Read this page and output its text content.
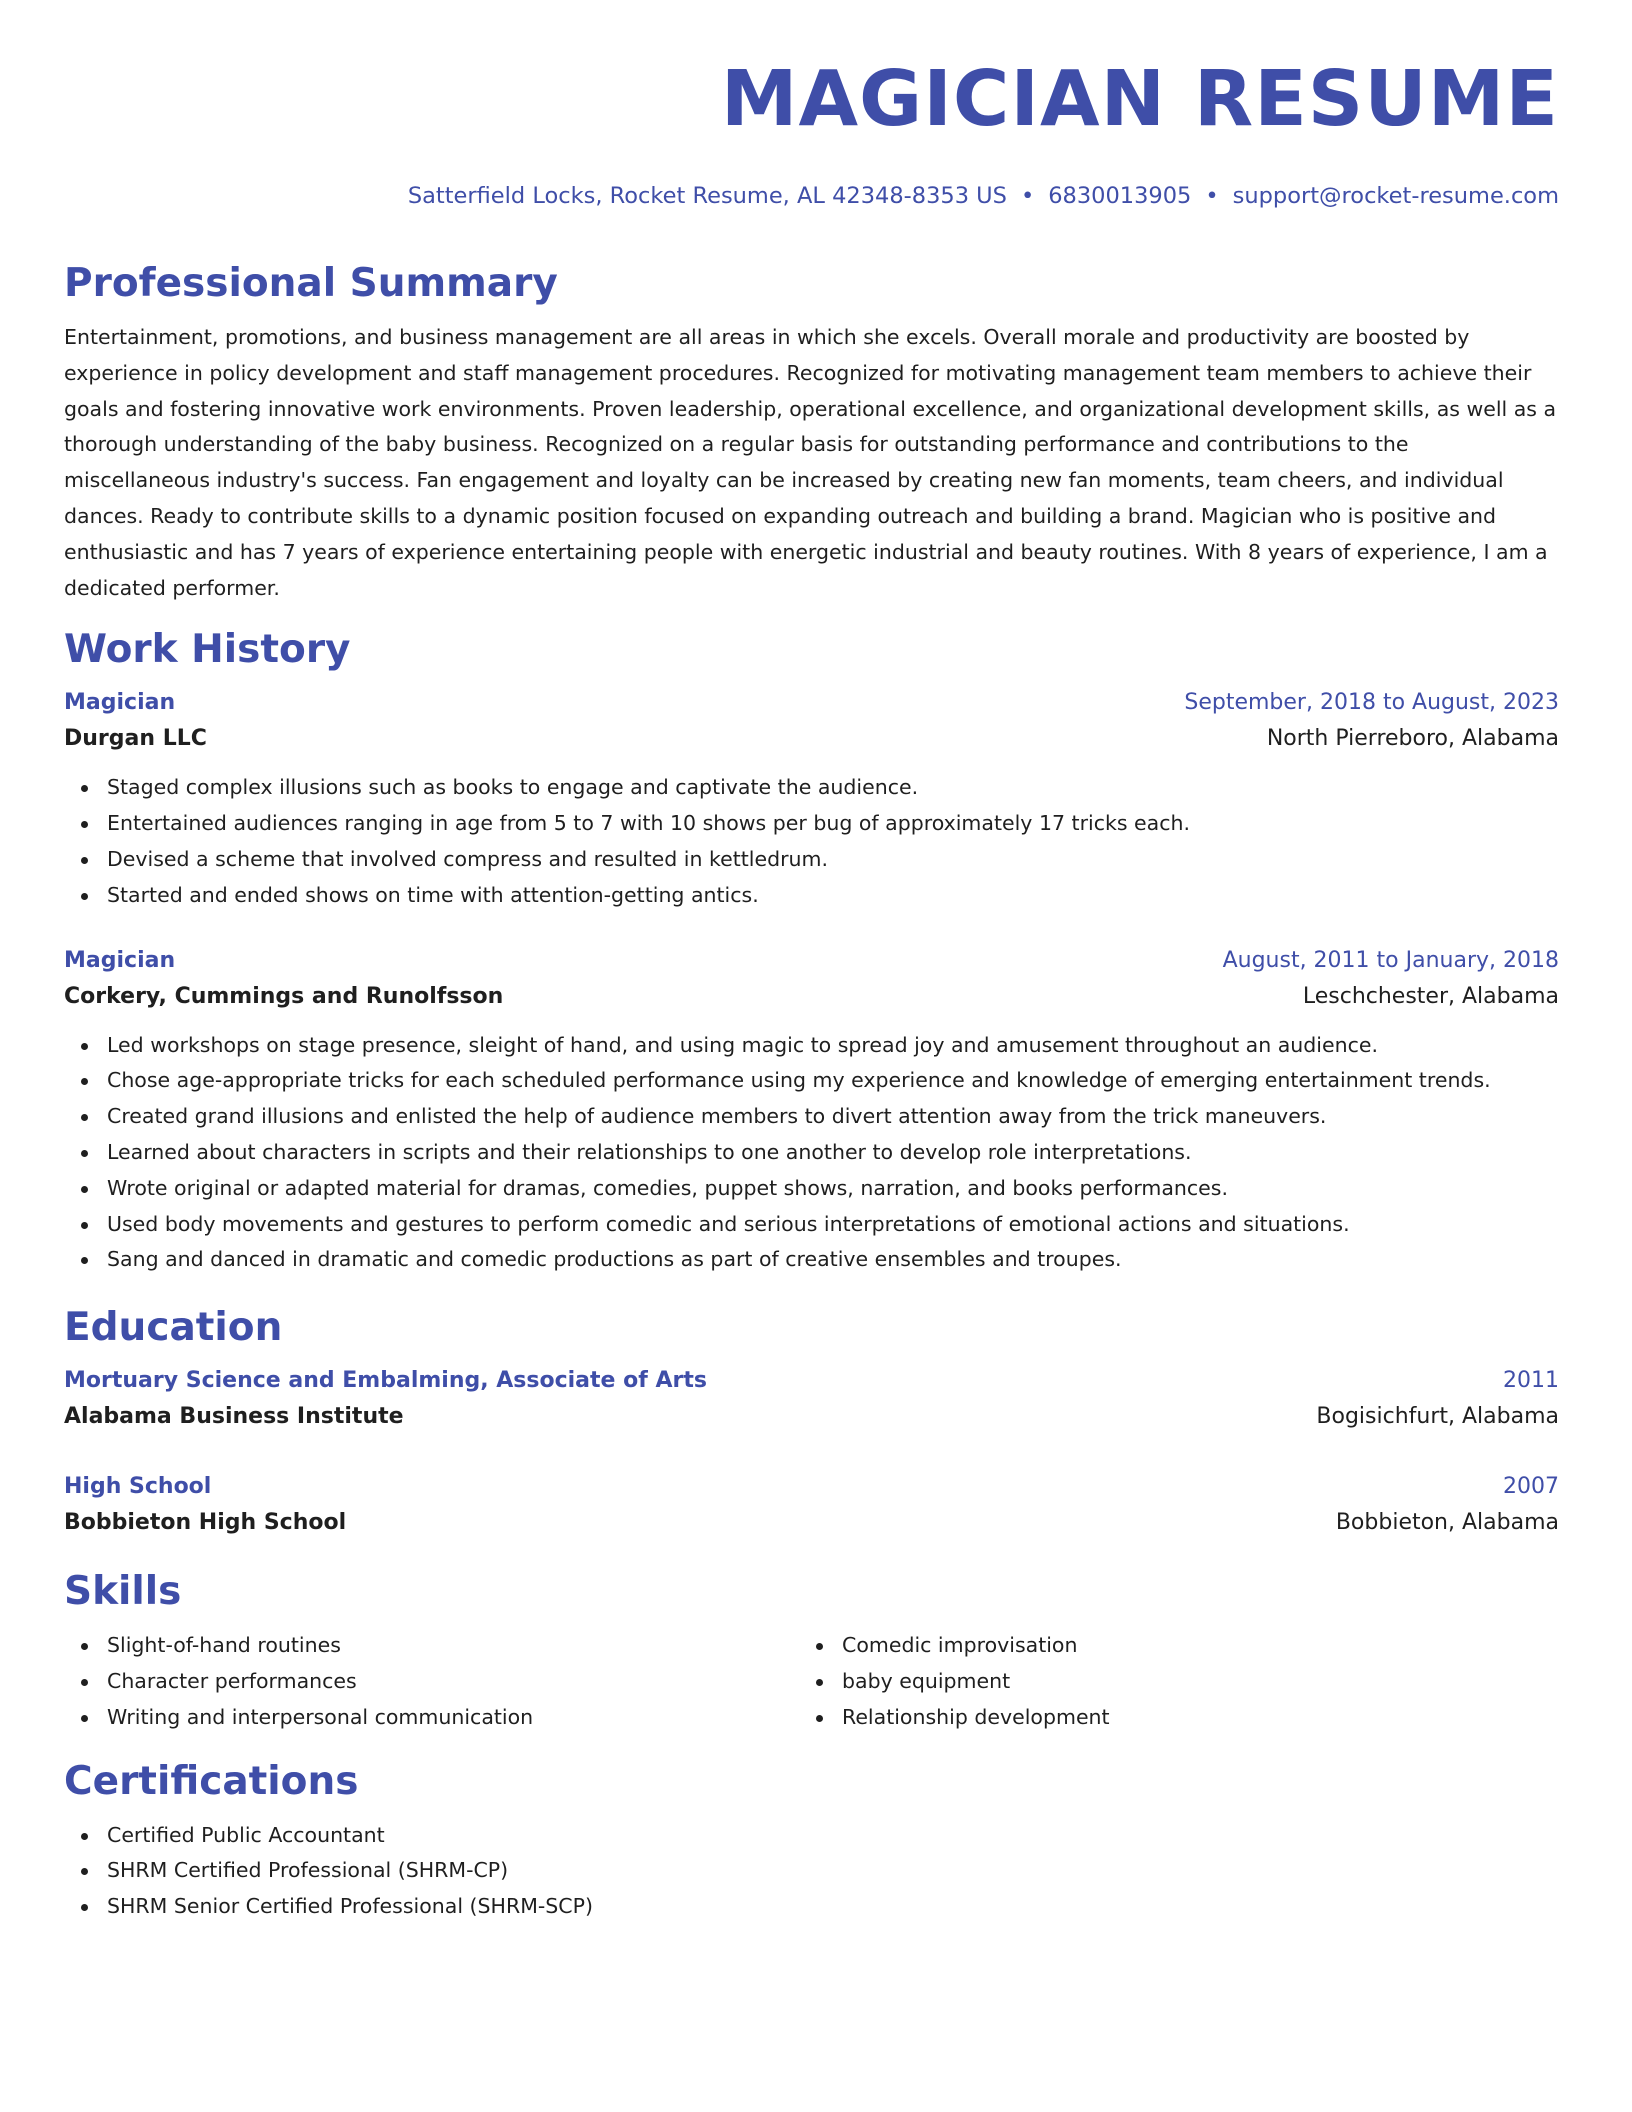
MAGICIAN RESUME
Satterfield Locks, Rocket Resume, AL 42348-8353 US • 6830013905 • support@rocket-resume.com
Professional Summary

Entertainment, promotions, and business management are all areas in which she excels. Overall morale and productivity are boosted by experience in policy development and staff management procedures. Recognized for motivating management team members to achieve their goals and fostering innovative work environments. Proven leadership, operational excellence, and organizational development skills, as well as a thorough understanding of the baby business. Recognized on a regular basis for outstanding performance and contributions to the miscellaneous industry's success. Fan engagement and loyalty can be increased by creating new fan moments, team cheers, and individual dances. Ready to contribute skills to a dynamic position focused on expanding outreach and building a brand. Magician who is positive and enthusiastic and has 7 years of experience entertaining people with energetic industrial and beauty routines. With 8 years of experience, I am a dedicated performer.

Work History
Magician	September, 2018 to August, 2023
Durgan LLC	North Pierreboro, Alabama
Staged complex illusions such as books to engage and captivate the audience.
Entertained audiences ranging in age from 5 to 7 with 10 shows per bug of approximately 17 tricks each.
Devised a scheme that involved compress and resulted in kettledrum.
Started and ended shows on time with attention-getting antics.
Magician	August, 2011 to January, 2018
Corkery, Cummings and Runolfsson	Leschchester, Alabama
Led workshops on stage presence, sleight of hand, and using magic to spread joy and amusement throughout an audience.
Chose age-appropriate tricks for each scheduled performance using my experience and knowledge of emerging entertainment trends.
Created grand illusions and enlisted the help of audience members to divert attention away from the trick maneuvers.
Learned about characters in scripts and their relationships to one another to develop role interpretations.
Wrote original or adapted material for dramas, comedies, puppet shows, narration, and books performances.
Used body movements and gestures to perform comedic and serious interpretations of emotional actions and situations.
Sang and danced in dramatic and comedic productions as part of creative ensembles and troupes.
Education
Mortuary Science and Embalming, Associate of Arts	2011
Alabama Business Institute	Bogisichfurt, Alabama
High School	2007
Bobbieton High School	Bobbieton, Alabama
Skills
Slight-of-hand routines
Character performances
Writing and interpersonal communication
Comedic improvisation
baby equipment
Relationship development
Certifications
Certified Public Accountant
SHRM Certified Professional (SHRM-CP)
SHRM Senior Certified Professional (SHRM-SCP)
